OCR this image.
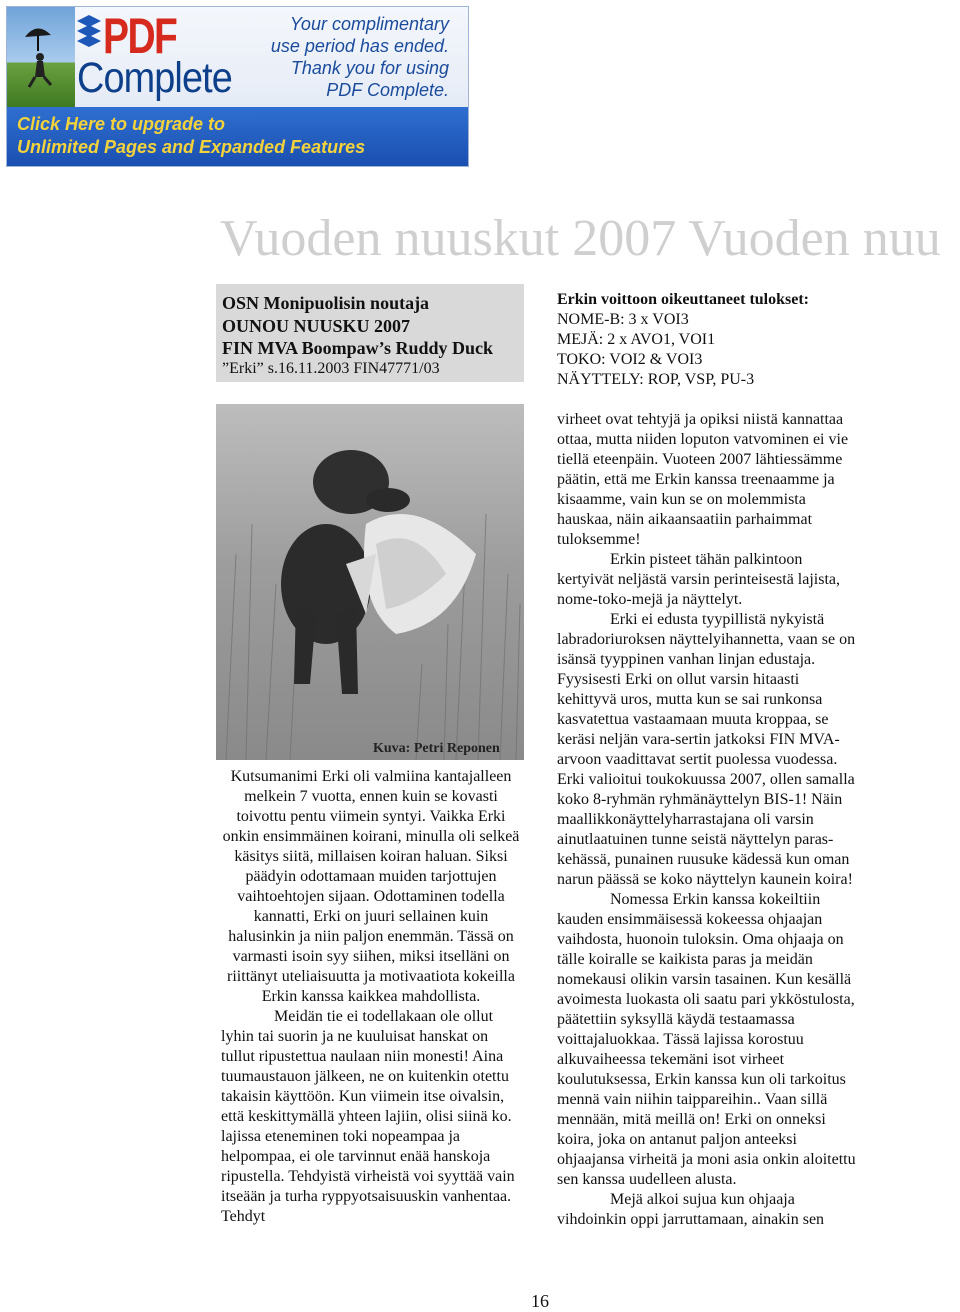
PDF
Complete
Your complimentary
use period has ended.
Thank you for using
PDF Complete.
Click Here to upgrade to
Unlimited Pages and Expanded Features
Vuoden nuuskut 2007 Vuoden nuu
OSN Monipuolisin noutaja
OUNOU NUUSKU 2007
FIN MVA Boompaw’s Ruddy Duck
”Erki” s.16.11.2003 FIN47771/03
Erkin voittoon oikeuttaneet tulokset:
NOME-B: 3 x VOI3
MEJÄ: 2 x AVO1, VOI1
TOKO: VOI2 & VOI3
NÄYTTELY: ROP, VSP, PU-3
Kuva: Petri Reponen

Kutsumanimi Erki oli valmiina kantajalleen melkein 7 vuotta, ennen kuin se kovasti toivottu pentu viimein syntyi. Vaikka Erki onkin ensimmäinen koirani, minulla oli selkeä käsitys siitä, millaisen koiran haluan. Siksi päädyin odottamaan muiden tarjottujen vaihtoehtojen sijaan. Odottaminen todella kannatti, Erki on juuri sellainen kuin halusinkin ja niin paljon enemmän. Tässä on varmasti isoin syy siihen, miksi itselläni on riittänyt uteliaisuutta ja motivaatiota kokeilla Erkin kanssa kaikkea mahdollista.

Meidän tie ei todellakaan ole ollut lyhin tai suorin ja ne kuuluisat hanskat on tullut ripustettua naulaan niin monesti! Aina tuumaustauon jälkeen, ne on kuitenkin otettu takaisin käyttöön. Kun viimein itse oivalsin, että keskittymällä yhteen lajiin, olisi siinä ko. lajissa eteneminen toki nopeampaa ja helpompaa, ei ole tarvinnut enää hanskoja ripustella. Tehdyistä virheistä voi syyttää vain itseään ja turha ryppyotsaisuuskin vanhentaa. Tehdyt

virheet ovat tehtyjä ja opiksi niistä kannattaa ottaa, mutta niiden loputon vatvominen ei vie tiellä eteenpäin. Vuoteen 2007 lähtiessämme päätin, että me Erkin kanssa treenaamme ja kisaamme, vain kun se on molemmista hauskaa, näin aikaansaatiin parhaimmat tuloksemme!

Erkin pisteet tähän palkintoon kertyivät neljästä varsin perinteisestä lajista, nome-toko-mejä ja näyttelyt.

Erki ei edusta tyypillistä nykyistä labradoriuroksen näyttelyihannetta, vaan se on isänsä tyyppinen vanhan linjan edustaja. Fyysisesti Erki on ollut varsin hitaasti kehittyvä uros, mutta kun se sai runkonsa kasvatettua vastaamaan muuta kroppaa, se keräsi neljän vara-sertin jatkoksi FIN MVA-arvoon vaadittavat sertit puolessa vuodessa. Erki valioitui toukokuussa 2007, ollen samalla koko 8-ryhmän ryhmänäyttelyn BIS-1! Näin maallikkonäyttelyharrastajana oli varsin ainutlaatuinen tunne seistä näyttelyn paras-kehässä, punainen ruusuke kädessä kun oman narun päässä se koko näyttelyn kaunein koira!

Nomessa Erkin kanssa kokeiltiin kauden ensimmäisessä kokeessa ohjaajan vaihdosta, huonoin tuloksin. Oma ohjaaja on tälle koiralle se kaikista paras ja meidän nomekausi olikin varsin tasainen. Kun kesällä avoimesta luokasta oli saatu pari ykköstulosta, päätettiin syksyllä käydä testaamassa voittajaluokkaa. Tässä lajissa korostuu alkuvaiheessa tekemäni isot virheet koulutuksessa, Erkin kanssa kun oli tarkoitus mennä vain niihin taippareihin.. Vaan sillä mennään, mitä meillä on! Erki on onneksi koira, joka on antanut paljon anteeksi ohjaajansa virheitä ja moni asia onkin aloitettu sen kanssa uudelleen alusta.

Mejä alkoi sujua kun ohjaaja vihdoinkin oppi jarruttamaan, ainakin sen

16
